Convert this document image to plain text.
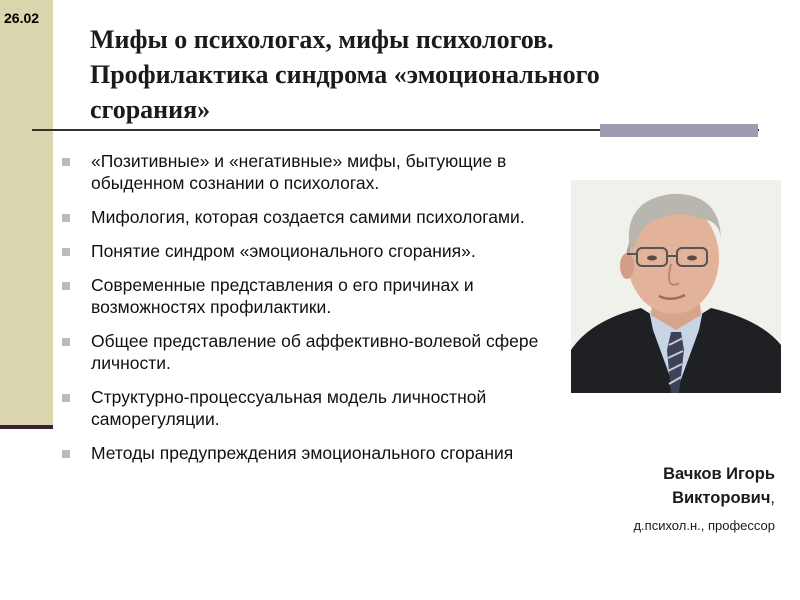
26.02
Мифы о психологах, мифы психологов.
Профилактика синдрома «эмоционального
сгорания»
«Позитивные» и «негативные» мифы, бытующие в обыденном сознании о психологах.
Мифология, которая создается самими психологами.
Понятие синдром «эмоционального сгорания».
Современные представления о его причинах и возможностях профилактики.
Общее представление об аффективно-волевой сфере личности.
Структурно-процессуальная модель личностной саморегуляции.
Методы предупреждения эмоционального сгорания
Вачков Игорь
Викторович,
д.психол.н., профессор
